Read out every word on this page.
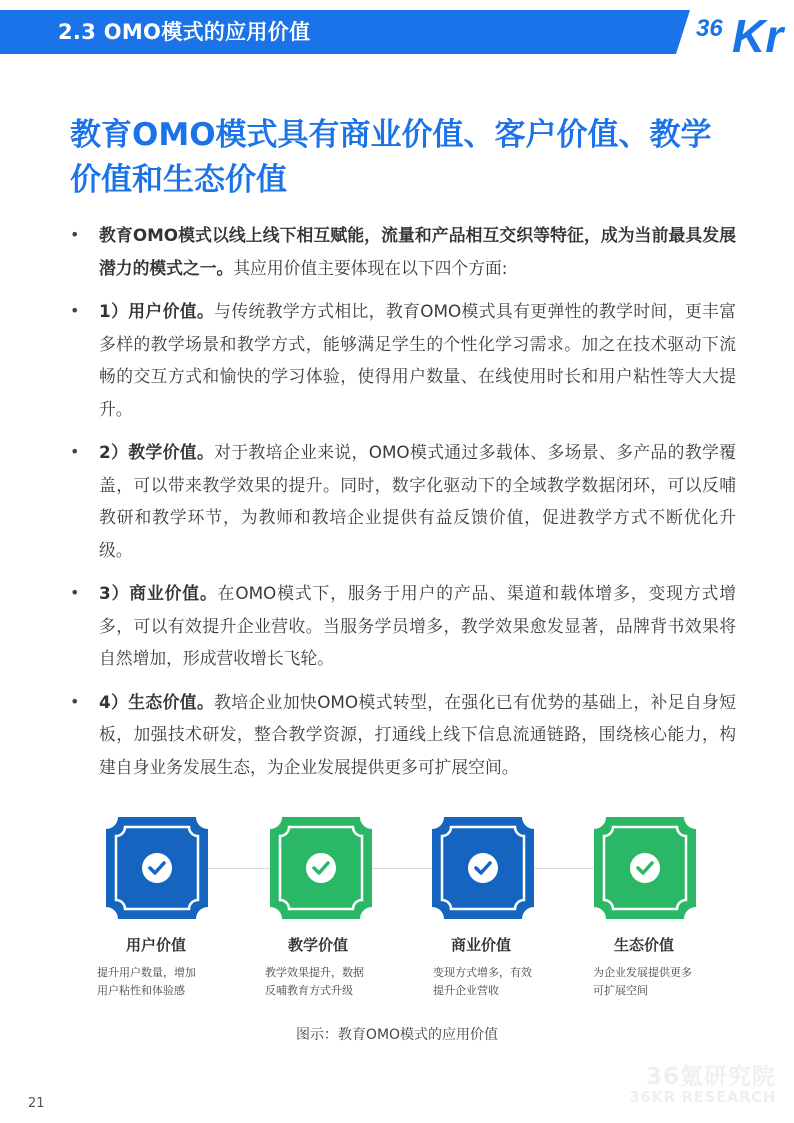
2.3 OMO模式的应用价值	36 Kr
教育OMO模式具有商业价值、客户价值、教学价值和生态价值
• 教育OMO模式以线上线下相互赋能，流量和产品相互交织等特征，成为当前最具发展潜力的模式之一。其应用价值主要体现在以下四个方面:

• 1）用户价值。与传统教学方式相比，教育OMO模式具有更弹性的教学时间，更丰富多样的教学场景和教学方式，能够满足学生的个性化学习需求。加之在技术驱动下流畅的交互方式和愉快的学习体验，使得用户数量、在线使用时长和用户粘性等大大提升。

• 2）教学价值。对于教培企业来说，OMO模式通过多载体、多场景、多产品的教学覆盖，可以带来教学效果的提升。同时，数字化驱动下的全域教学数据闭环，可以反哺教研和教学环节，为教师和教培企业提供有益反馈价值，促进教学方式不断优化升级。

• 3）商业价值。在OMO模式下，服务于用户的产品、渠道和载体增多，变现方式增多，可以有效提升企业营收。当服务学员增多，教学效果愈发显著，品牌背书效果将自然增加，形成营收增长飞轮。

• 4）生态价值。教培企业加快OMO模式转型，在强化已有优势的基础上，补足自身短板，加强技术研发，整合教学资源，打通线上线下信息流通链路，围绕核心能力，构建自身业务发展生态，为企业发展提供更多可扩展空间。

用户价值
提升用户数量，增加
用户粘性和体验感
教学价值
教学效果提升，数据
反哺教育方式升级
商业价值
变现方式增多，有效
提升企业营收
生态价值
为企业发展提供更多
可扩展空间
图示：教育OMO模式的应用价值
36氪研究院
36KR RESEARCH
21
